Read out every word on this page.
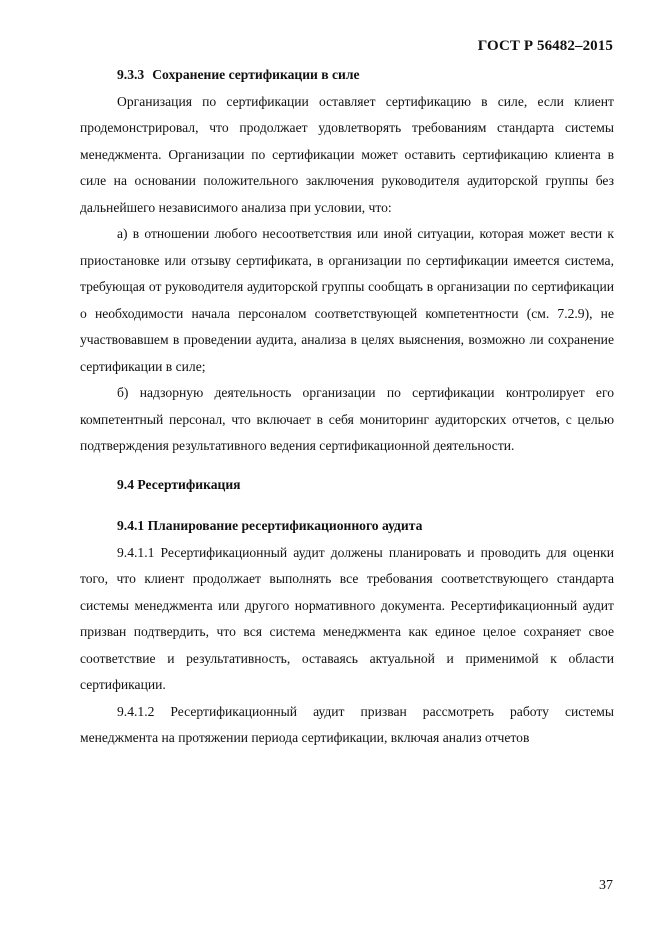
ГОСТ Р 56482–2015

9.3.3 Сохранение сертификации в силе

Организация по сертификации оставляет сертификацию в силе, если клиент продемонстрировал, что продолжает удовлетворять требованиям стандарта системы менеджмента. Организации по сертификации может оставить сертификацию клиента в силе на основании положительного заключения руководителя аудиторской группы без дальнейшего независимого анализа при условии, что:

а) в отношении любого несоответствия или иной ситуации, которая может вести к приостановке или отзыву сертификата, в организации по сертификации имеется система, требующая от руководителя аудиторской группы сообщать в организации по сертификации о необходимости начала персоналом соответствующей компетентности (см. 7.2.9), не участвовавшем в проведении аудита, анализа в целях выяснения, возможно ли сохранение сертификации в силе;

б) надзорную деятельность организации по сертификации контролирует его компетентный персонал, что включает в себя мониторинг аудиторских отчетов, с целью подтверждения результативного ведения сертификационной деятельности.

9.4 Ресертификация

9.4.1 Планирование ресертификационного аудита

9.4.1.1 Ресертификационный аудит должены планировать и проводить для оценки того, что клиент продолжает выполнять все требования соответствующего стандарта системы менеджмента или другого нормативного документа. Ресертификационный аудит призван подтвердить, что вся система менеджмента как единое целое сохраняет свое соответствие и результативность, оставаясь актуальной и применимой к области сертификации.

9.4.1.2 Ресертификационный аудит призван рассмотреть работу системы менеджмента на протяжении периода сертификации, включая анализ отчетов

37
